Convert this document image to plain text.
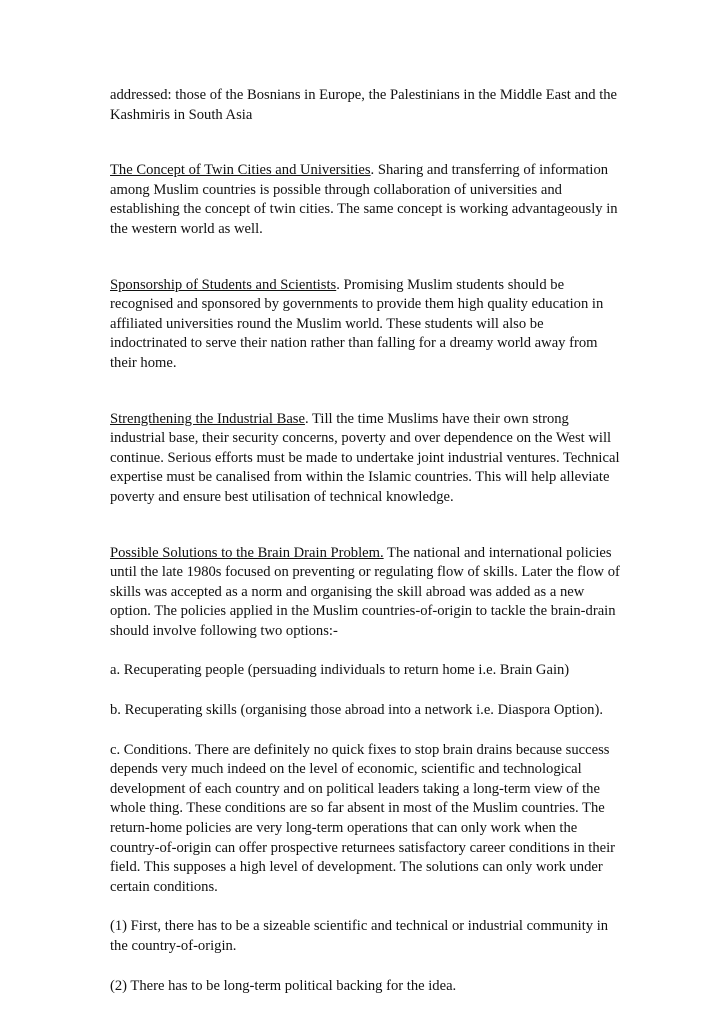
addressed: those of the Bosnians in Europe, the Palestinians in the Middle East and the Kashmiris in South Asia

The Concept of Twin Cities and Universities. Sharing and transferring of information among Muslim countries is possible through collaboration of universities and establishing the concept of twin cities. The same concept is working advantageously in the western world as well.

Sponsorship of Students and Scientists. Promising Muslim students should be recognised and sponsored by governments to provide them high quality education in affiliated universities round the Muslim world. These students will also be indoctrinated to serve their nation rather than falling for a dreamy world away from their home.

Strengthening the Industrial Base. Till the time Muslims have their own strong industrial base, their security concerns, poverty and over dependence on the West will continue. Serious efforts must be made to undertake joint industrial ventures. Technical expertise must be canalised from within the Islamic countries. This will help alleviate poverty and ensure best utilisation of technical knowledge.

Possible Solutions to the Brain Drain Problem. The national and international policies until the late 1980s focused on preventing or regulating flow of skills. Later the flow of skills was accepted as a norm and organising the skill abroad was added as a new option. The policies applied in the Muslim countries-of-origin to tackle the brain-drain should involve following two options:-

a. Recuperating people (persuading individuals to return home i.e. Brain Gain)

b. Recuperating skills (organising those abroad into a network i.e. Diaspora Option).

c. Conditions. There are definitely no quick fixes to stop brain drains because success depends very much indeed on the level of economic, scientific and technological development of each country and on political leaders taking a long-term view of the whole thing. These conditions are so far absent in most of the Muslim countries. The return-home policies are very long-term operations that can only work when the country-of-origin can offer prospective returnees satisfactory career conditions in their field. This supposes a high level of development. The solutions can only work under certain conditions.

(1) First, there has to be a sizeable scientific and technical or industrial community in the country-of-origin.

(2) There has to be long-term political backing for the idea.
